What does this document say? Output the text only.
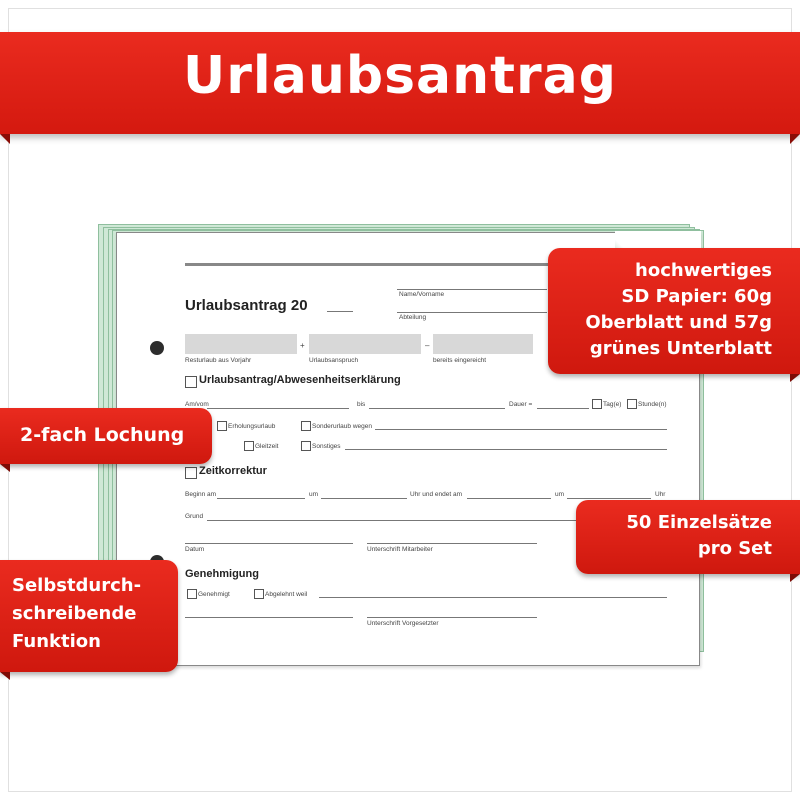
Urlaubsantrag
Urlaubsantrag 20
Name/Vorname
Abteilung
+	–
Resturlaub aus Vorjahr	Urlaubsanspruch	bereits eingereicht
Urlaubsantrag/Abwesenheitserklärung
Am/vom	bis	Dauer =	Tag(e)	Stunde(n)
Erholungsurlaub	Sonderurlaub wegen
Gleitzeit	Sonstiges
Zeitkorrektur
Beginn am	um	Uhr und endet am	um	Uhr
Grund
Datum	Unterschrift Mitarbeiter
Genehmigung
Genehmigt	Abgelehnt weil
Unterschrift Vorgesetzter
hochwertiges
SD Papier: 60g
Oberblatt und 57g
grünes Unterblatt
2-fach Lochung
50 Einzelsätze
pro Set
Selbstdurch-
schreibende
Funktion
